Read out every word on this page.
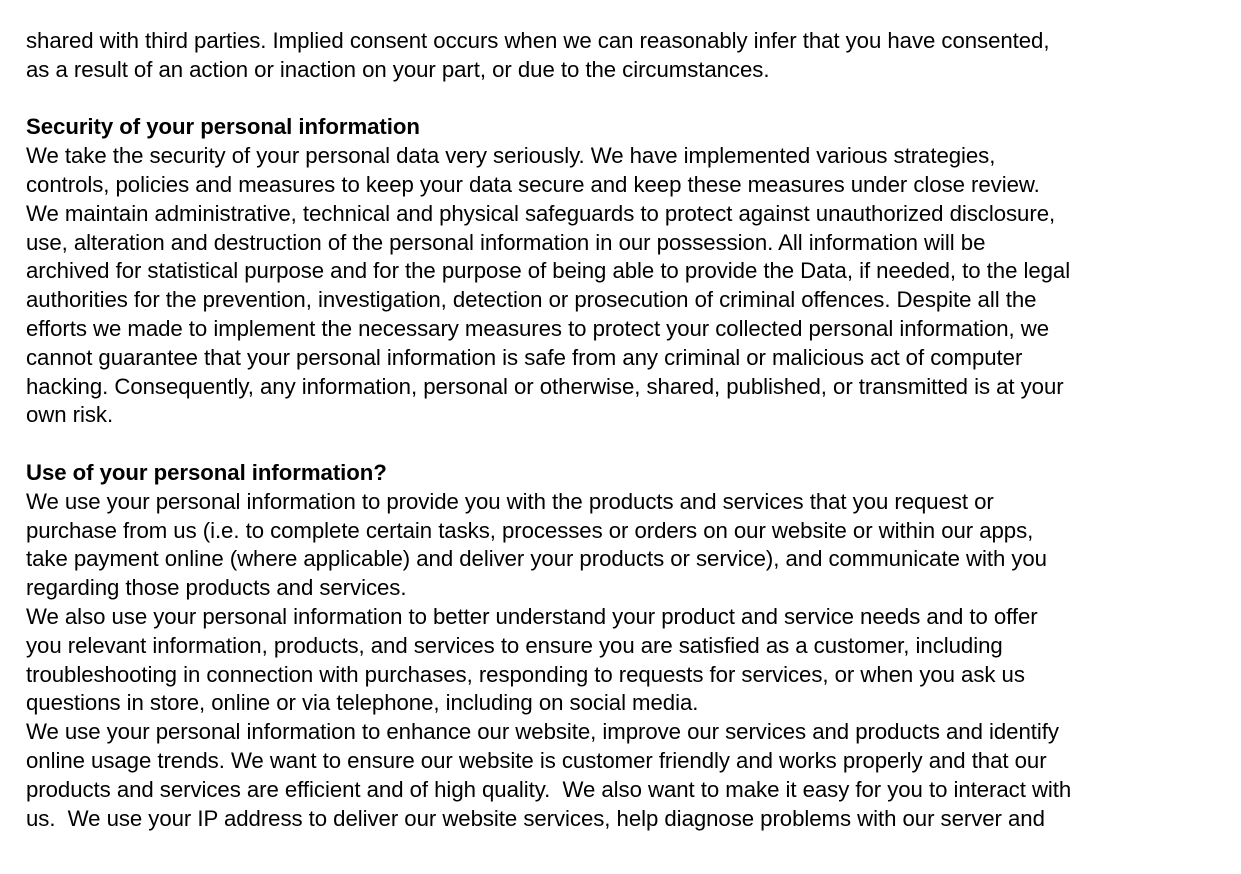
shared with third parties. Implied consent occurs when we can reasonably infer that you have consented,
as a result of an action or inaction on your part, or due to the circumstances.
Security of your personal information
We take the security of your personal data very seriously. We have implemented various strategies,
controls, policies and measures to keep your data secure and keep these measures under close review.
We maintain administrative, technical and physical safeguards to protect against unauthorized disclosure,
use, alteration and destruction of the personal information in our possession. All information will be
archived for statistical purpose and for the purpose of being able to provide the Data, if needed, to the legal
authorities for the prevention, investigation, detection or prosecution of criminal offences. Despite all the
efforts we made to implement the necessary measures to protect your collected personal information, we
cannot guarantee that your personal information is safe from any criminal or malicious act of computer
hacking. Consequently, any information, personal or otherwise, shared, published, or transmitted is at your
own risk.
Use of your personal information?
We use your personal information to provide you with the products and services that you request or
purchase from us (i.e. to complete certain tasks, processes or orders on our website or within our apps,
take payment online (where applicable) and deliver your products or service), and communicate with you
regarding those products and services.
We also use your personal information to better understand your product and service needs and to offer
you relevant information, products, and services to ensure you are satisfied as a customer, including
troubleshooting in connection with purchases, responding to requests for services, or when you ask us
questions in store, online or via telephone, including on social media.
We use your personal information to enhance our website, improve our services and products and identify
online usage trends. We want to ensure our website is customer friendly and works properly and that our
products and services are efficient and of high quality.  We also want to make it easy for you to interact with
us.  We use your IP address to deliver our website services, help diagnose problems with our server and
